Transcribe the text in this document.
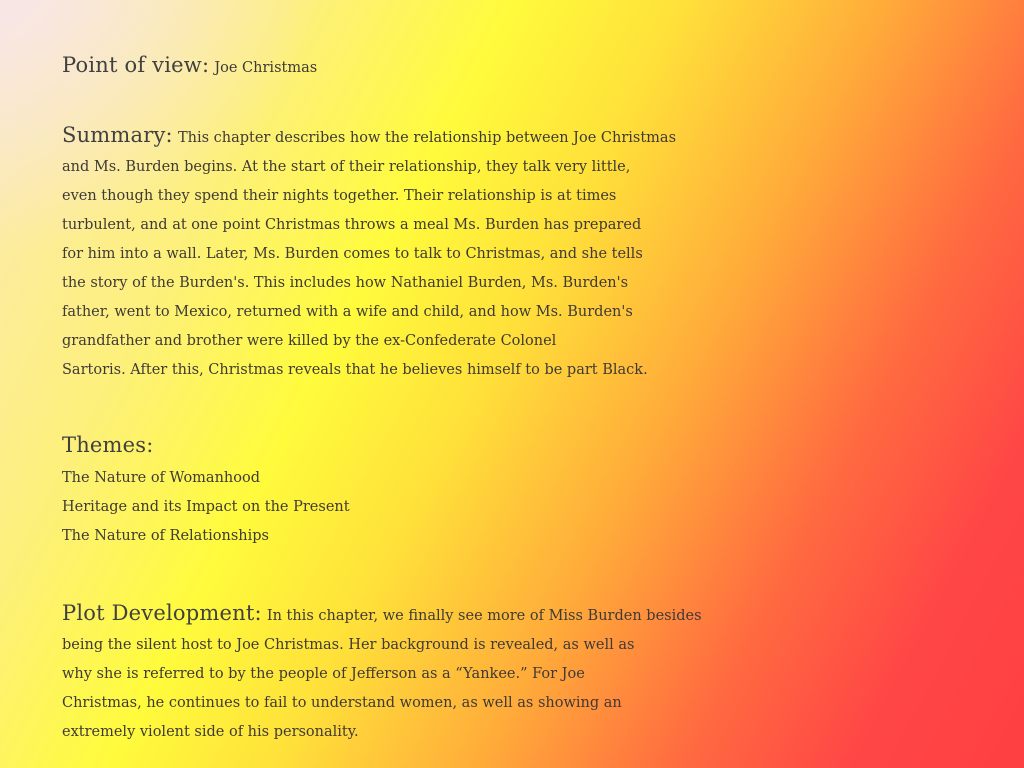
Point of view: Joe Christmas
Summary: This chapter describes how the relationship between Joe Christmas
and Ms. Burden begins. At the start of their relationship, they talk very little,
even though they spend their nights together. Their relationship is at times
turbulent, and at one point Christmas throws a meal Ms. Burden has prepared
for him into a wall. Later, Ms. Burden comes to talk to Christmas, and she tells
the story of the Burden's. This includes how Nathaniel Burden, Ms. Burden's
father, went to Mexico, returned with a wife and child, and how Ms. Burden's
grandfather and brother were killed by the ex-Confederate Colonel
Sartoris. After this, Christmas reveals that he believes himself to be part Black.
Themes:
The Nature of Womanhood
Heritage and its Impact on the Present
The Nature of Relationships
Plot Development: In this chapter, we finally see more of Miss Burden besides
being the silent host to Joe Christmas. Her background is revealed, as well as
why she is referred to by the people of Jefferson as a “Yankee.” For Joe
Christmas, he continues to fail to understand women, as well as showing an
extremely violent side of his personality.
